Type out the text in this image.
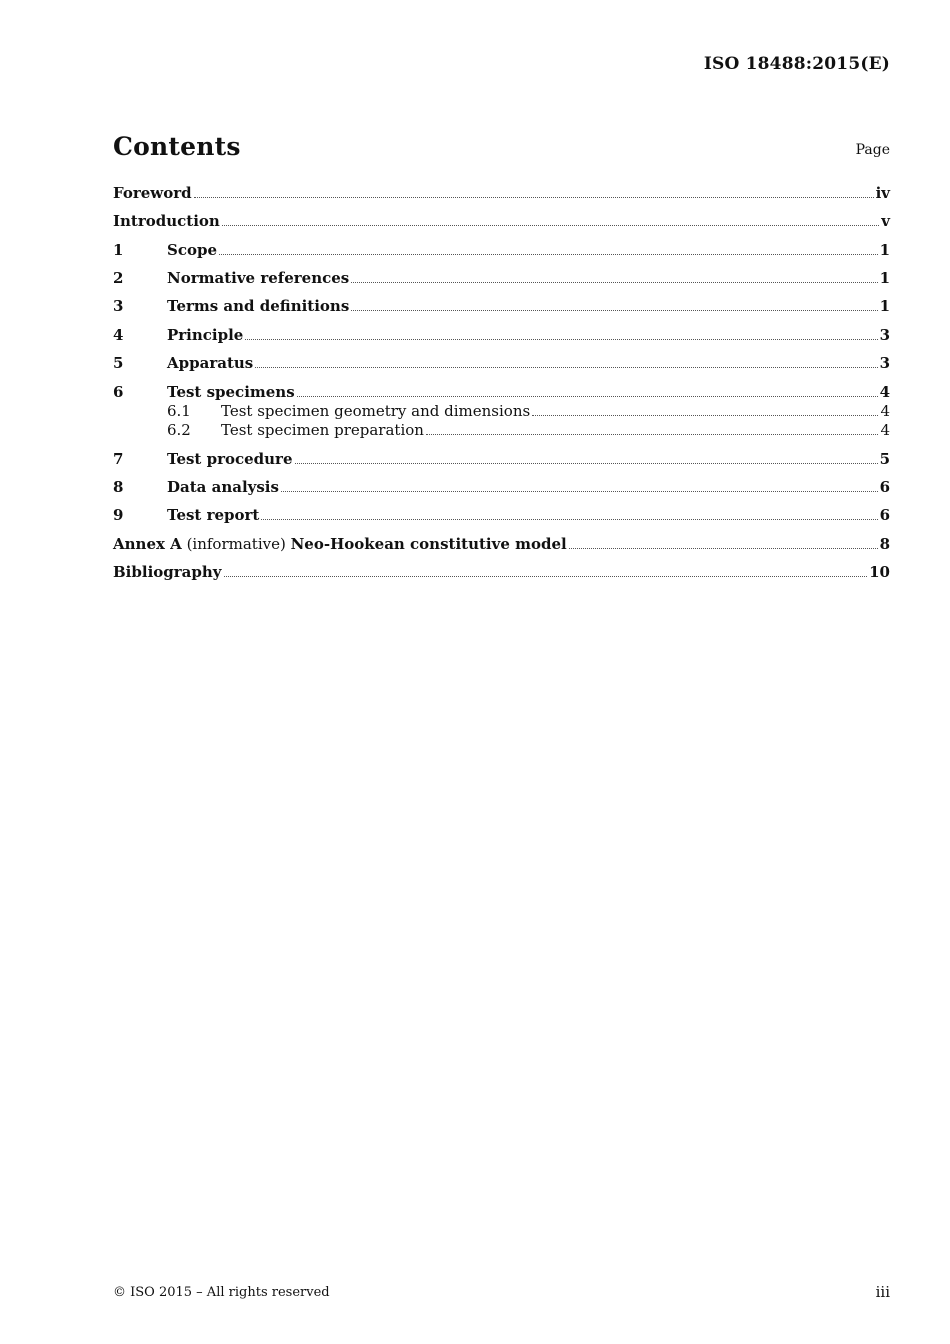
ISO 18488:2015(E)
Contents	Page
Foreword	iv
Introduction	v
1	Scope	1
2	Normative references	1
3	Terms and definitions	1
4	Principle	3
5	Apparatus	3
6	Test specimens	4
6.1	Test specimen geometry and dimensions	4
6.2	Test specimen preparation	4
7	Test procedure	5
8	Data analysis	6
9	Test report	6
Annex A (informative) Neo-Hookean constitutive model	8
Bibliography	10
© ISO 2015 – All rights reserved	iii
